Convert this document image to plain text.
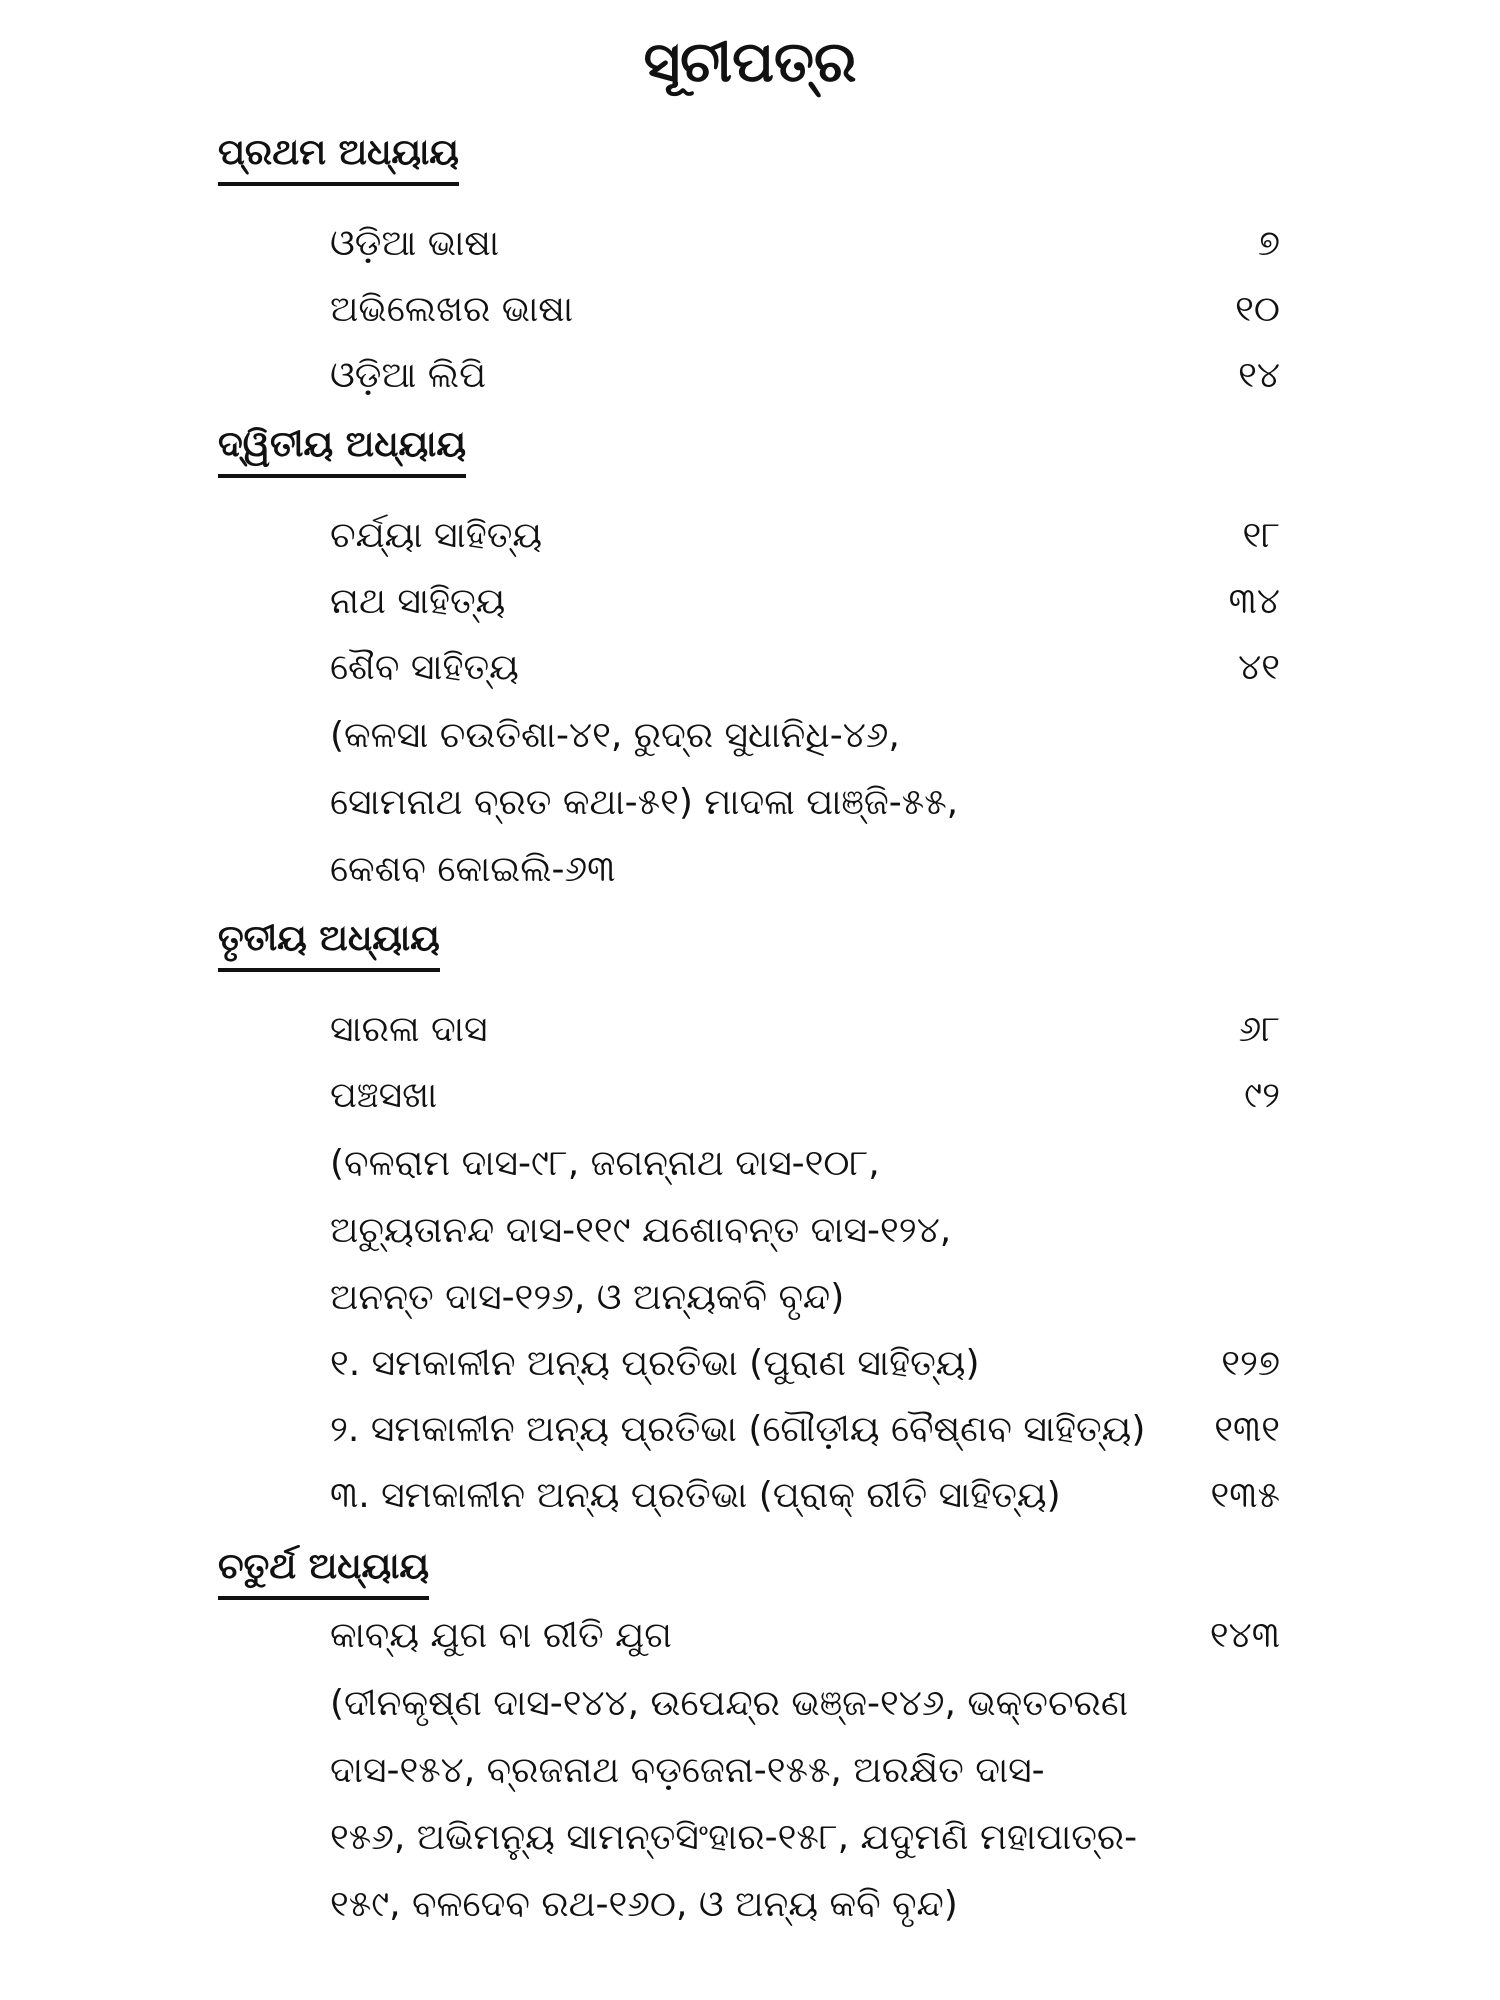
ସୂଚୀପତ୍ର
ପ୍ରଥମ ଅଧ୍ୟାୟ
ଓଡ଼ିଆ ଭାଷା	୭
ଅଭିଲେଖର ଭାଷା	୧୦
ଓଡ଼ିଆ ଲିପି	୧୪
ଦ୍ୱିତୀୟ ଅଧ୍ୟାୟ
ଚର୍ଯ୍ୟା ସାହିତ୍ୟ	୧୮
ନାଥ ସାହିତ୍ୟ	୩୪
ଶୈବ ସାହିତ୍ୟ	୪୧
(କଳସା ଚଉତିଶା-୪୧, ରୁଦ୍ର ସୁଧାନିଧି-୪୬,
ସୋମନାଥ ବ୍ରତ କଥା-୫୧) ମାଦଳା ପାଞ୍ଜି-୫୫,
କେଶବ କୋଇଲି-୬୩
ତୃତୀୟ ଅଧ୍ୟାୟ
ସାରଳା ଦାସ	୬୮
ପଞ୍ଚସଖା	୯୨
(ବଳରାମ ଦାସ-୯୮, ଜଗନ୍ନାଥ ଦାସ-୧୦୮,
ଅଚ୍ୟୁତାନନ୍ଦ ଦାସ-୧୧୯ ଯଶୋବନ୍ତ ଦାସ-୧୨୪,
ଅନନ୍ତ ଦାସ-୧୨୬, ଓ ଅନ୍ୟକବି ବୃନ୍ଦ)
୧. ସମକାଳୀନ ଅନ୍ୟ ପ୍ରତିଭା (ପୁରାଣ ସାହିତ୍ୟ)	୧୨୭
୨. ସମକାଳୀନ ଅନ୍ୟ ପ୍ରତିଭା (ଗୌଡ଼ୀୟ ବୈଷ୍ଣବ ସାହିତ୍ୟ) ୧୩୧
୩. ସମକାଳୀନ ଅନ୍ୟ ପ୍ରତିଭା (ପ୍ରାକ୍ ରୀତି ସାହିତ୍ୟ)	୧୩୫
ଚତୁର୍ଥ ଅଧ୍ୟାୟ
କାବ୍ୟ ଯୁଗ ବା ରୀତି ଯୁଗ	୧୪୩
(ଦୀନକୃଷ୍ଣ ଦାସ-୧୪୪, ଉପେନ୍ଦ୍ର ଭଞ୍ଜ-୧୪୬, ଭକ୍ତଚରଣ
ଦାସ-୧୫୪, ବ୍ରଜନାଥ ବଡ଼ଜେନା-୧୫୫, ଅରକ୍ଷିତ ଦାସ-
୧୫୬, ଅଭିମନ୍ୟୁ ସାମନ୍ତସିଂହାର-୧୫୮, ଯଦୁମଣି ମହାପାତ୍ର-
୧୫୯, ବଳଦେବ ରଥ-୧୬୦, ଓ ଅନ୍ୟ କବି ବୃନ୍ଦ)
